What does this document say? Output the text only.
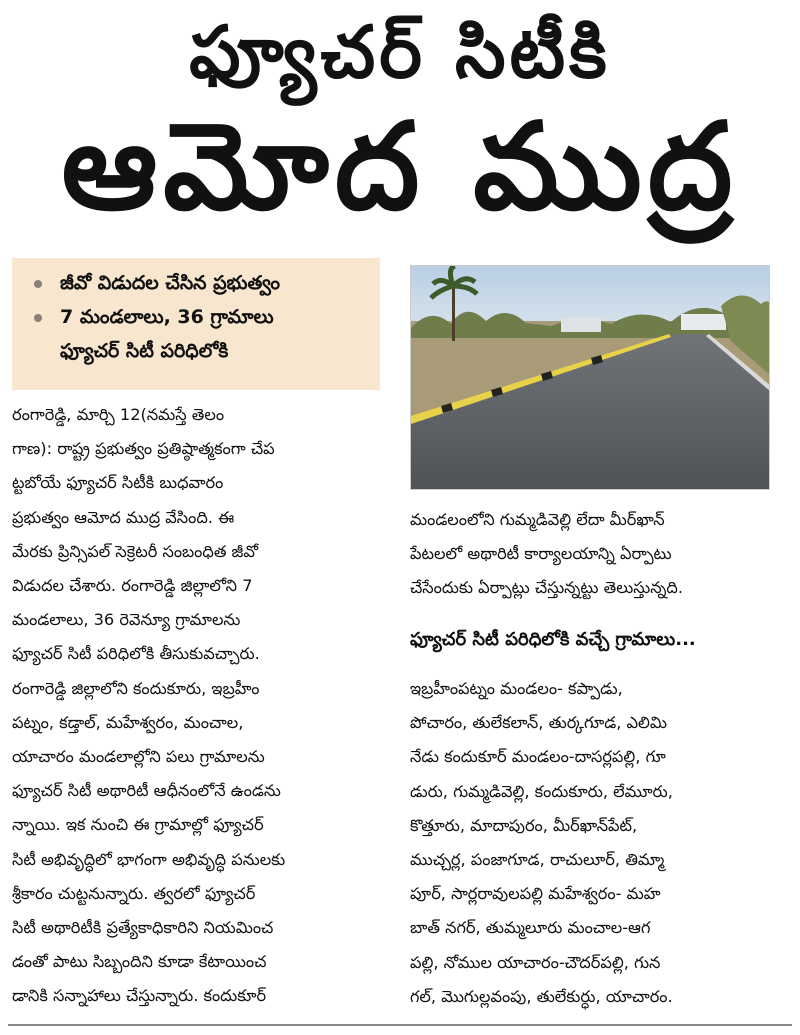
ఫ్యూచర్ సిటీకి
ఆమోద ముద్ర
జీవో విడుదల చేసిన ప్రభుత్వం
7 మండలాలు, 36 గ్రామాలు
ఫ్యూచర్ సిటీ పరిధిలోకి
రంగారెడ్డి, మార్చి 12(నమస్తే తెలం
గాణ): రాష్ట్ర ప్రభుత్వం ప్రతిష్ఠాత్మకంగా చేప
ట్టబోయే ఫ్యూచర్ సిటీకి బుధవారం
ప్రభుత్వం ఆమోద ముద్ర వేసింది. ఈ
మేరకు ప్రిన్సిపల్ సెక్రెటరీ సంబంధిత జీవో
విడుదల చేశారు. రంగారెడ్డి జిల్లాలోని 7
మండలాలు, 36 రెవెన్యూ గ్రామాలను
ఫ్యూచర్ సిటీ పరిధిలోకి తీసుకువచ్చారు.
రంగారెడ్డి జిల్లాలోని కందుకూరు, ఇబ్రహీం
పట్నం, కడ్తాల్, మహేశ్వరం, మంచాల,
యాచారం మండలాల్లోని పలు గ్రామాలను
ఫ్యూచర్ సిటీ అథారిటీ ఆధీనంలోనే ఉండను
న్నాయి. ఇక నుంచి ఈ గ్రామాల్లో ఫ్యూచర్
సిటీ అభివృద్ధిలో భాగంగా అభివృద్ధి పనులకు
శ్రీకారం చుట్టనున్నారు. త్వరలో ఫ్యూచర్
సిటీ అథారిటీకి ప్రత్యేకాధికారిని నియమించ
డంతో పాటు సిబ్బందిని కూడా కేటాయించ
డానికి సన్నాహాలు చేస్తున్నారు. కందుకూర్
మండలంలోని గుమ్మడివెల్లి లేదా మీర్‌ఖాన్
పేటలలో అథారిటీ కార్యాలయాన్ని ఏర్పాటు
చేసేందుకు ఏర్పాట్లు చేస్తున్నట్టు తెలుస్తున్నది.
ఫ్యూచర్ సిటీ పరిధిలోకి వచ్చే గ్రామాలు...
ఇబ్రహీంపట్నం మండలం- కప్పాడు,
పోచారం, తులేకలాన్, తుర్కగూడ, ఎలిమి
నేడు కందుకూర్ మండలం-దాసర్లపల్లి, గూ
డురు, గుమ్మడివెల్లి, కందుకూరు, లేమూరు,
కొత్తూరు, మాదాపురం, మీర్‌ఖాన్‌పేట్,
ముచ్చర్ల, పంజాగూడ, రాచులూర్, తిమ్మా
పూర్, సార్లరావులపల్లి మహేశ్వరం- మహ
బాత్ నగర్, తుమ్మలూరు మంచాల-ఆగ
పల్లి, నోముల యాచారం-చౌదర్‌పల్లి, గున
గల్, మొగుల్లవంపు, తులేకుర్ధు, యాచారం.
